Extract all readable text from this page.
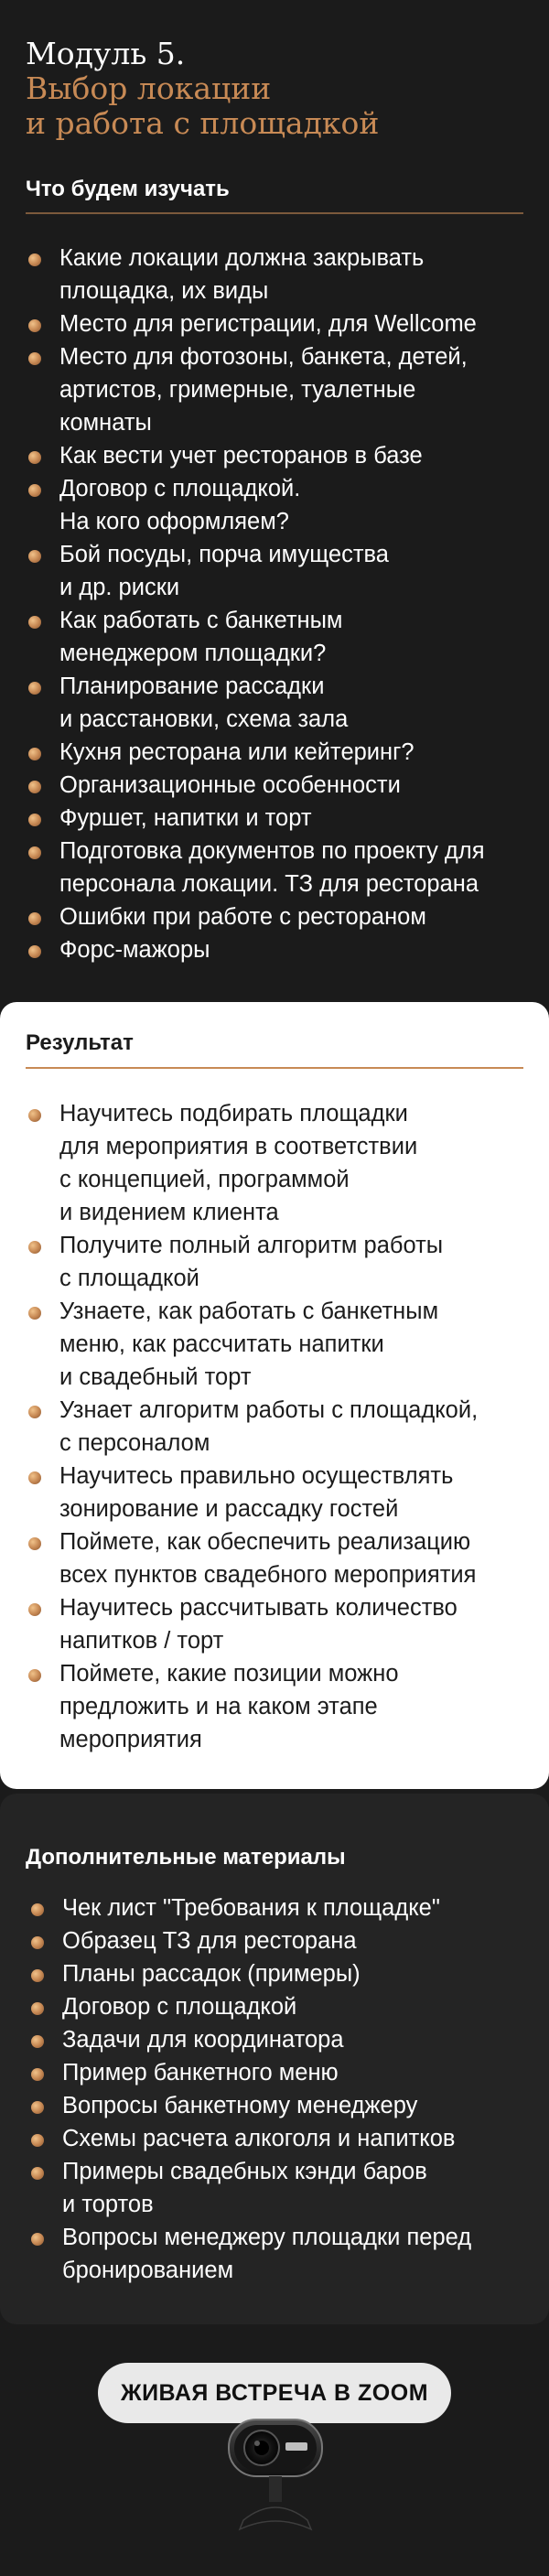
Модуль 5.
Выбор локации
и работа с площадкой
Что будем изучать
Какие локации должна закрывать
площадка, их виды
Место для регистрации, для Wellcome
Место для фотозоны, банкета, детей,
артистов, гримерные, туалетные
комнаты
Как вести учет ресторанов в базе
Договор с площадкой.
На кого оформляем?
Бой посуды, порча имущества
и др. риски
Как работать с банкетным
менеджером площадки?
Планирование рассадки
и расстановки, схема зала
Кухня ресторана или кейтеринг?
Организационные особенности
Фуршет, напитки и торт
Подготовка документов по проекту для
персонала локации. ТЗ для ресторана
Ошибки при работе с рестораном
Форс-мажоры
Результат
Научитесь подбирать площадки
для мероприятия в соответствии
с концепцией, программой
и видением клиента
Получите полный алгоритм работы
с площадкой
Узнаете, как работать с банкетным
меню, как рассчитать напитки
и свадебный торт
Узнает алгоритм работы с площадкой,
с персоналом
Научитесь правильно осуществлять
зонирование и рассадку гостей
Поймете, как обеспечить реализацию
всех пунктов свадебного мероприятия
Научитесь рассчитывать количество
напитков / торт
Поймете, какие позиции можно
предложить и на каком этапе
мероприятия
Дополнительные материалы
Чек лист "Требования к площадке"
Образец ТЗ для ресторана
Планы рассадок (примеры)
Договор с площадкой
Задачи для координатора
Пример банкетного меню
Вопросы банкетному менеджеру
Схемы расчета алкоголя и напитков
Примеры свадебных кэнди баров
и тортов
Вопросы менеджеру площадки перед
бронированием
ЖИВАЯ ВСТРЕЧА В ZOOM
